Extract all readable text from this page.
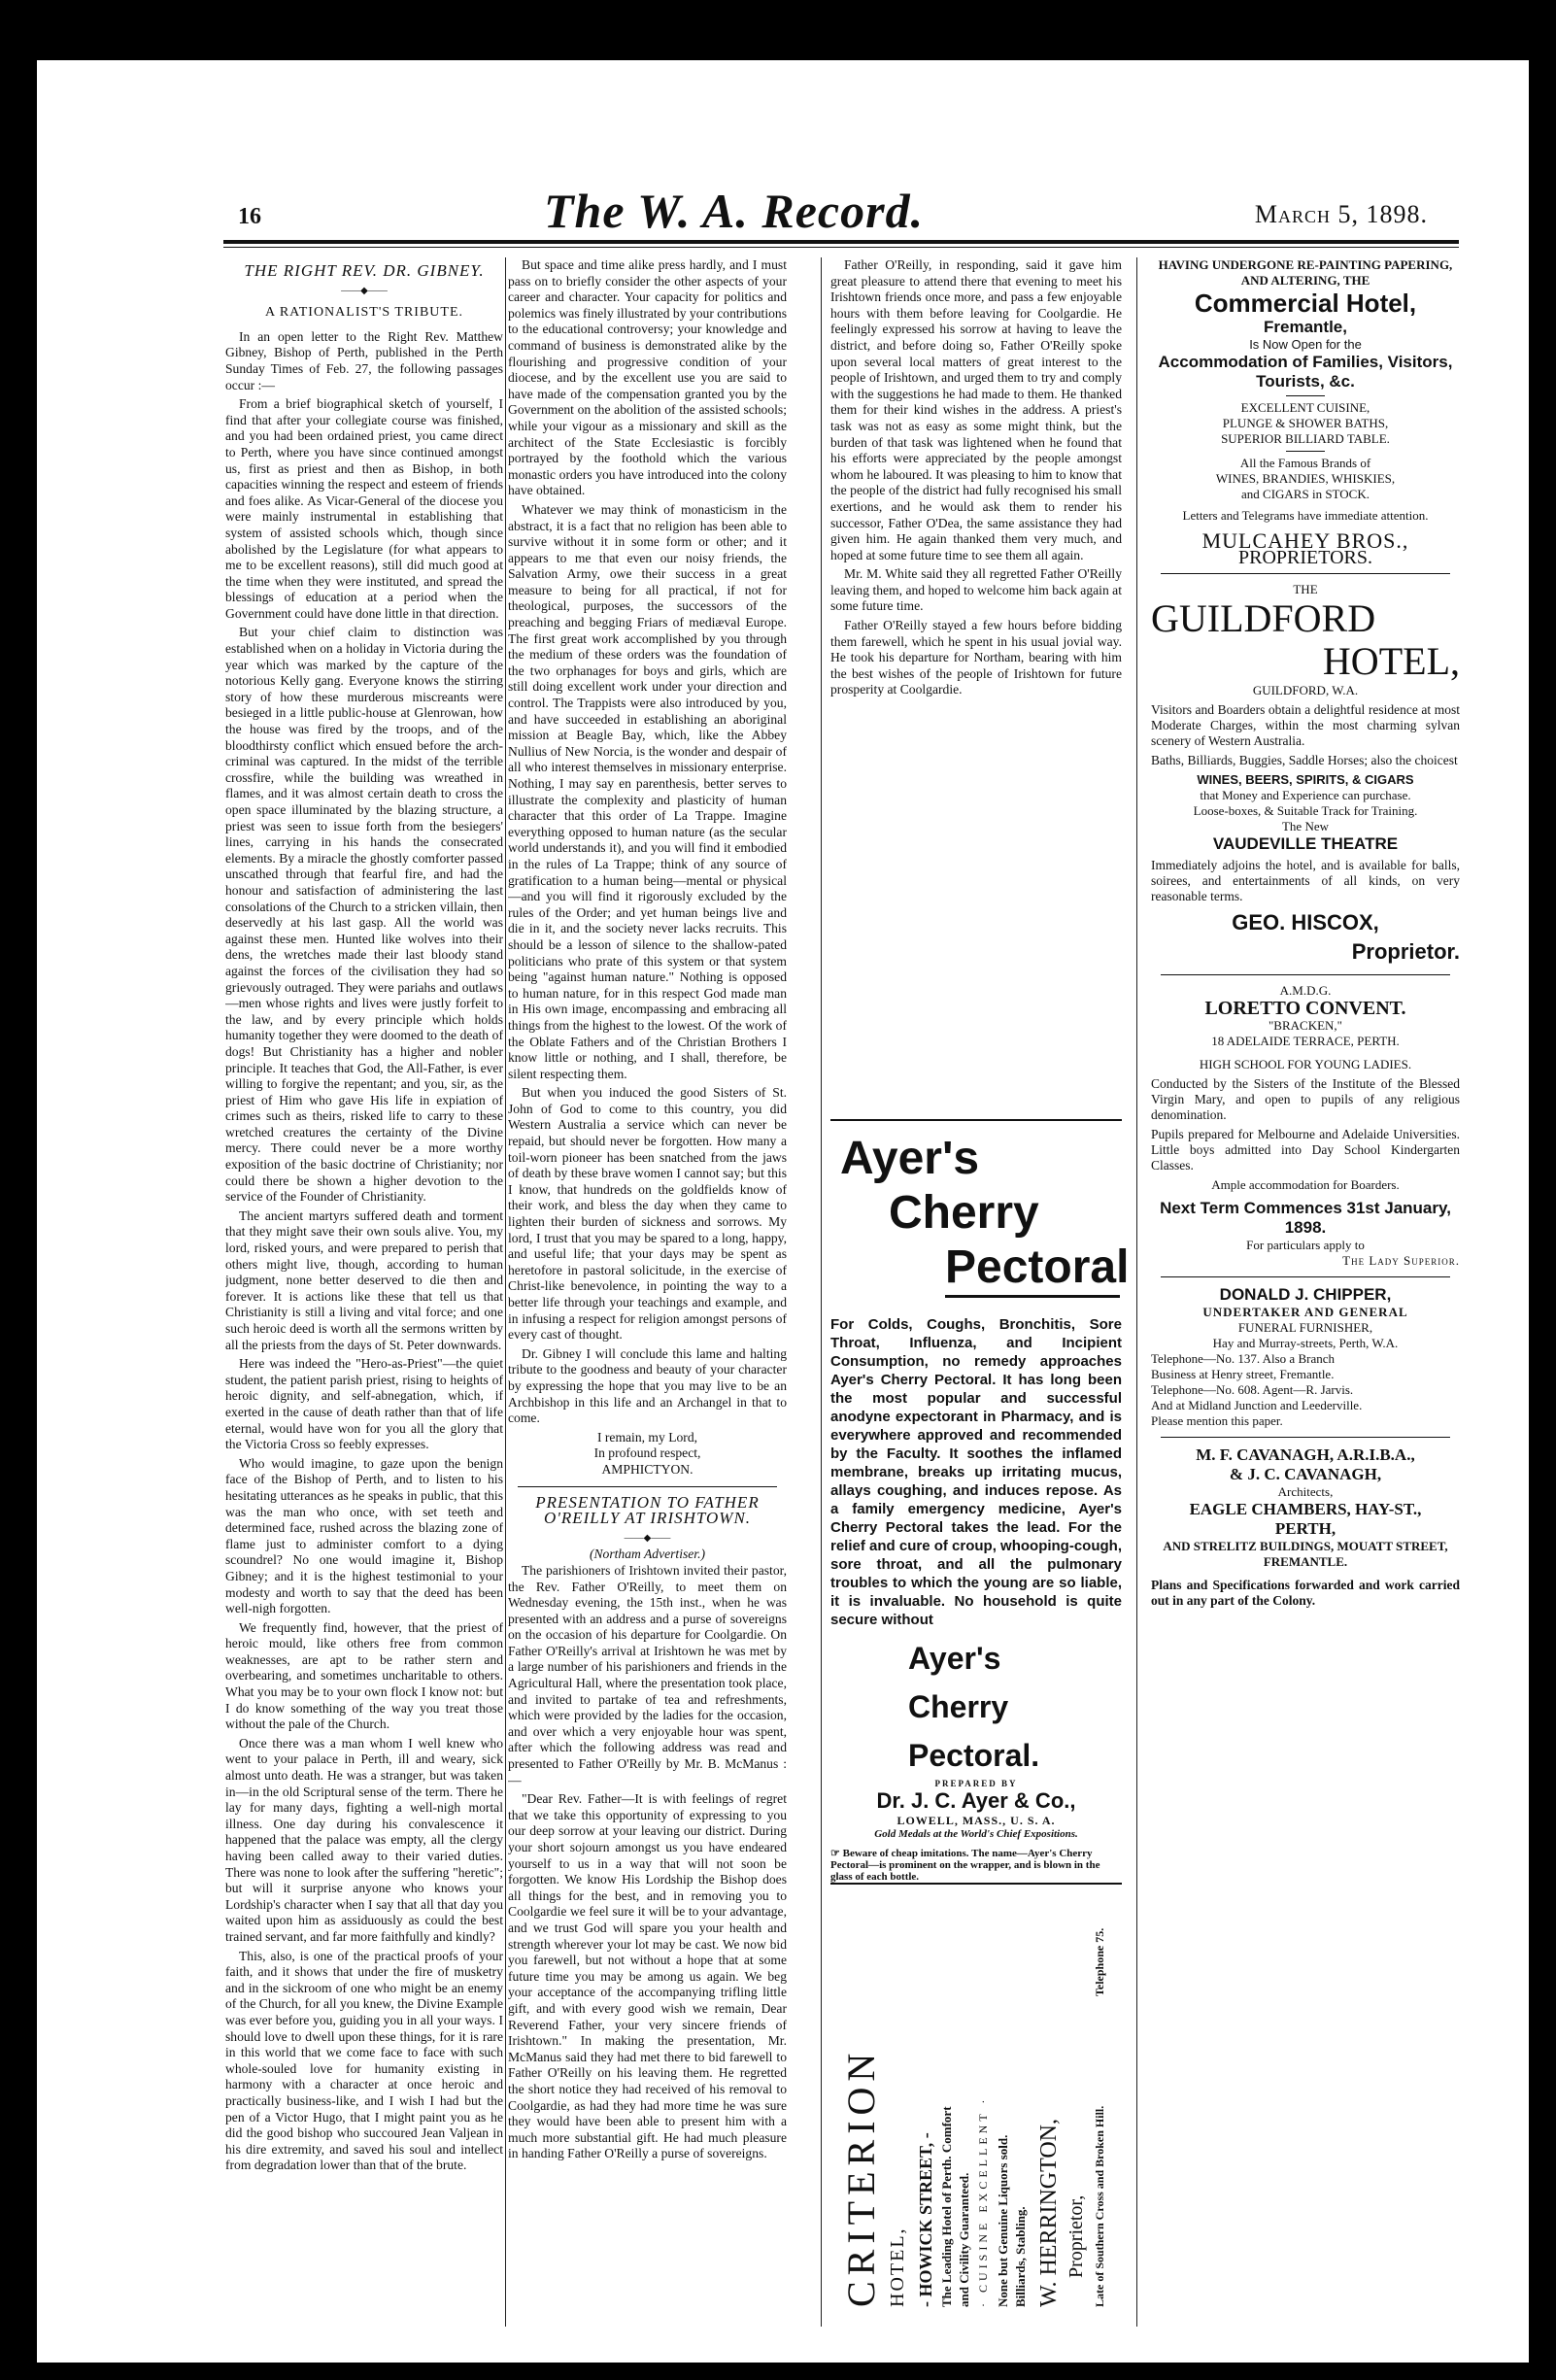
16	The W. A. Record.	March 5, 1898.

THE RIGHT REV. DR. GIBNEY.

——◆——

A RATIONALIST'S TRIBUTE.

In an open letter to the Right Rev. Matthew Gibney, Bishop of Perth, published in the Perth Sunday Times of Feb. 27, the following passages occur :—

From a brief biographical sketch of yourself, I find that after your collegiate course was finished, and you had been ordained priest, you came direct to Perth, where you have since continued amongst us, first as priest and then as Bishop, in both capacities winning the respect and esteem of friends and foes alike. As Vicar-General of the diocese you were mainly instrumental in establishing that system of assisted schools which, though since abolished by the Legislature (for what appears to me to be excellent reasons), still did much good at the time when they were instituted, and spread the blessings of education at a period when the Government could have done little in that direction.

But your chief claim to distinction was established when on a holiday in Victoria during the year which was marked by the capture of the notorious Kelly gang. Everyone knows the stirring story of how these murderous miscreants were besieged in a little public-house at Glenrowan, how the house was fired by the troops, and of the bloodthirsty conflict which ensued before the arch-criminal was captured. In the midst of the terrible crossfire, while the building was wreathed in flames, and it was almost certain death to cross the open space illuminated by the blazing structure, a priest was seen to issue forth from the besiegers' lines, carrying in his hands the consecrated elements. By a miracle the ghostly comforter passed unscathed through that fearful fire, and had the honour and satisfaction of administering the last consolations of the Church to a stricken villain, then deservedly at his last gasp. All the world was against these men. Hunted like wolves into their dens, the wretches made their last bloody stand against the forces of the civilisation they had so grievously outraged. They were pariahs and outlaws—men whose rights and lives were justly forfeit to the law, and by every principle which holds humanity together they were doomed to the death of dogs! But Christianity has a higher and nobler principle. It teaches that God, the All-Father, is ever willing to forgive the repentant; and you, sir, as the priest of Him who gave His life in expiation of crimes such as theirs, risked life to carry to these wretched creatures the certainty of the Divine mercy. There could never be a more worthy exposition of the basic doctrine of Christianity; nor could there be shown a higher devotion to the service of the Founder of Christianity.

The ancient martyrs suffered death and torment that they might save their own souls alive. You, my lord, risked yours, and were prepared to perish that others might live, though, according to human judgment, none better deserved to die then and forever. It is actions like these that tell us that Christianity is still a living and vital force; and one such heroic deed is worth all the sermons written by all the priests from the days of St. Peter downwards.

Here was indeed the "Hero-as-Priest"—the quiet student, the patient parish priest, rising to heights of heroic dignity, and self-abnegation, which, if exerted in the cause of death rather than that of life eternal, would have won for you all the glory that the Victoria Cross so feebly expresses.

Who would imagine, to gaze upon the benign face of the Bishop of Perth, and to listen to his hesitating utterances as he speaks in public, that this was the man who once, with set teeth and determined face, rushed across the blazing zone of flame just to administer comfort to a dying scoundrel? No one would imagine it, Bishop Gibney; and it is the highest testimonial to your modesty and worth to say that the deed has been well-nigh forgotten.

We frequently find, however, that the priest of heroic mould, like others free from common weaknesses, are apt to be rather stern and overbearing, and sometimes uncharitable to others. What you may be to your own flock I know not: but I do know something of the way you treat those without the pale of the Church.

Once there was a man whom I well knew who went to your palace in Perth, ill and weary, sick almost unto death. He was a stranger, but was taken in—in the old Scriptural sense of the term. There he lay for many days, fighting a well-nigh mortal illness. One day during his convalescence it happened that the palace was empty, all the clergy having been called away to their varied duties. There was none to look after the suffering "heretic"; but will it surprise anyone who knows your Lordship's character when I say that all that day you waited upon him as assiduously as could the best trained servant, and far more faithfully and kindly?

This, also, is one of the practical proofs of your faith, and it shows that under the fire of musketry and in the sickroom of one who might be an enemy of the Church, for all you knew, the Divine Example was ever before you, guiding you in all your ways. I should love to dwell upon these things, for it is rare in this world that we come face to face with such whole-souled love for humanity existing in harmony with a character at once heroic and practically business-like, and I wish I had but the pen of a Victor Hugo, that I might paint you as he did the good bishop who succoured Jean Valjean in his dire extremity, and saved his soul and intellect from degradation lower than that of the brute.

But space and time alike press hardly, and I must pass on to briefly consider the other aspects of your career and character. Your capacity for politics and polemics was finely illustrated by your contributions to the educational controversy; your knowledge and command of business is demonstrated alike by the flourishing and progressive condition of your diocese, and by the excellent use you are said to have made of the compensation granted you by the Government on the abolition of the assisted schools; while your vigour as a missionary and skill as the architect of the State Ecclesiastic is forcibly portrayed by the foothold which the various monastic orders you have introduced into the colony have obtained.

Whatever we may think of monasticism in the abstract, it is a fact that no religion has been able to survive without it in some form or other; and it appears to me that even our noisy friends, the Salvation Army, owe their success in a great measure to being for all practical, if not for theological, purposes, the successors of the preaching and begging Friars of mediæval Europe. The first great work accomplished by you through the medium of these orders was the foundation of the two orphanages for boys and girls, which are still doing excellent work under your direction and control. The Trappists were also introduced by you, and have succeeded in establishing an aboriginal mission at Beagle Bay, which, like the Abbey Nullius of New Norcia, is the wonder and despair of all who interest themselves in missionary enterprise. Nothing, I may say en parenthesis, better serves to illustrate the complexity and plasticity of human character that this order of La Trappe. Imagine everything opposed to human nature (as the secular world understands it), and you will find it embodied in the rules of La Trappe; think of any source of gratification to a human being—mental or physical—and you will find it rigorously excluded by the rules of the Order; and yet human beings live and die in it, and the society never lacks recruits. This should be a lesson of silence to the shallow-pated politicians who prate of this system or that system being "against human nature." Nothing is opposed to human nature, for in this respect God made man in His own image, encompassing and embracing all things from the highest to the lowest. Of the work of the Oblate Fathers and of the Christian Brothers I know little or nothing, and I shall, therefore, be silent respecting them.

But when you induced the good Sisters of St. John of God to come to this country, you did Western Australia a service which can never be repaid, but should never be forgotten. How many a toil-worn pioneer has been snatched from the jaws of death by these brave women I cannot say; but this I know, that hundreds on the goldfields know of their work, and bless the day when they came to lighten their burden of sickness and sorrows. My lord, I trust that you may be spared to a long, happy, and useful life; that your days may be spent as heretofore in pastoral solicitude, in the exercise of Christ-like benevolence, in pointing the way to a better life through your teachings and example, and in infusing a respect for religion amongst persons of every cast of thought.

Dr. Gibney I will conclude this lame and halting tribute to the goodness and beauty of your character by expressing the hope that you may live to be an Archbishop in this life and an Archangel in that to come.

I remain, my Lord,

In profound respect,

AMPHICTYON.

PRESENTATION TO FATHER O'REILLY AT IRISHTOWN.

——◆——

(Northam Advertiser.)

The parishioners of Irishtown invited their pastor, the Rev. Father O'Reilly, to meet them on Wednesday evening, the 15th inst., when he was presented with an address and a purse of sovereigns on the occasion of his departure for Coolgardie. On Father O'Reilly's arrival at Irishtown he was met by a large number of his parishioners and friends in the Agricultural Hall, where the presentation took place, and invited to partake of tea and refreshments, which were provided by the ladies for the occasion, and over which a very enjoyable hour was spent, after which the following address was read and presented to Father O'Reilly by Mr. B. McManus :—

"Dear Rev. Father—It is with feelings of regret that we take this opportunity of expressing to you our deep sorrow at your leaving our district. During your short sojourn amongst us you have endeared yourself to us in a way that will not soon be forgotten. We know His Lordship the Bishop does all things for the best, and in removing you to Coolgardie we feel sure it will be to your advantage, and we trust God will spare you your health and strength wherever your lot may be cast. We now bid you farewell, but not without a hope that at some future time you may be among us again. We beg your acceptance of the accompanying trifling little gift, and with every good wish we remain, Dear Reverend Father, your very sincere friends of Irishtown." In making the presentation, Mr. McManus said they had met there to bid farewell to Father O'Reilly on his leaving them. He regretted the short notice they had received of his removal to Coolgardie, as had they had more time he was sure they would have been able to present him with a much more substantial gift. He had much pleasure in handing Father O'Reilly a purse of sovereigns.

Father O'Reilly, in responding, said it gave him great pleasure to attend there that evening to meet his Irishtown friends once more, and pass a few enjoyable hours with them before leaving for Coolgardie. He feelingly expressed his sorrow at having to leave the district, and before doing so, Father O'Reilly spoke upon several local matters of great interest to the people of Irishtown, and urged them to try and comply with the suggestions he had made to them. He thanked them for their kind wishes in the address. A priest's task was not as easy as some might think, but the burden of that task was lightened when he found that his efforts were appreciated by the people amongst whom he laboured. It was pleasing to him to know that the people of the district had fully recognised his small exertions, and he would ask them to render his successor, Father O'Dea, the same assistance they had given him. He again thanked them very much, and hoped at some future time to see them all again.

Mr. M. White said they all regretted Father O'Reilly leaving them, and hoped to welcome him back again at some future time.

Father O'Reilly stayed a few hours before bidding them farewell, which he spent in his usual jovial way. He took his departure for Northam, bearing with him the best wishes of the people of Irishtown for future prosperity at Coolgardie.

Ayer's
Cherry
Pectoral
For Colds, Coughs, Bronchitis, Sore Throat, Influenza, and Incipient Consumption, no remedy approaches Ayer's Cherry Pectoral. It has long been the most popular and successful anodyne expectorant in Pharmacy, and is everywhere approved and recommended by the Faculty. It soothes the inflamed membrane, breaks up irritating mucus, allays coughing, and induces repose. As a family emergency medicine, Ayer's Cherry Pectoral takes the lead. For the relief and cure of croup, whooping-cough, sore throat, and all the pulmonary troubles to which the young are so liable, it is invaluable. No household is quite secure without
Ayer's
Cherry
Pectoral.
PREPARED BY
Dr. J. C. Ayer & Co.,
LOWELL, MASS., U. S. A.
Gold Medals at the World's Chief Expositions.
☞ Beware of cheap imitations. The name—Ayer's Cherry Pectoral—is prominent on the wrapper, and is blown in the glass of each bottle.
CRITERION HOTEL, - HOWICK STREET, - The Leading Hotel of Perth. Comfort and Civility Guaranteed. · CUISINE EXCELLENT · None but Genuine Liquors sold. Billiards, Stabling. W. HERRINGTON, Proprietor, Late of Southern Cross and Broken Hill.
Telephone 75.
HAVING UNDERGONE RE-PAINTING PAPERING, AND ALTERING, THE
Commercial Hotel,
Fremantle,
Is Now Open for the
Accommodation of Families, Visitors, Tourists, &c.
EXCELLENT CUISINE,
PLUNGE & SHOWER BATHS,
SUPERIOR BILLIARD TABLE.
All the Famous Brands of
WINES, BRANDIES, WHISKIES,
and CIGARS in STOCK.
Letters and Telegrams have immediate attention.
MULCAHEY BROS.,
PROPRIETORS.
THE
GUILDFORD
HOTEL,
GUILDFORD, W.A.
Visitors and Boarders obtain a delightful residence at most Moderate Charges, within the most charming sylvan scenery of Western Australia.
Baths, Billiards, Buggies, Saddle Horses; also the choicest
WINES, BEERS, SPIRITS, & CIGARS
that Money and Experience can purchase.
Loose-boxes, & Suitable Track for Training.
The New
VAUDEVILLE THEATRE
Immediately adjoins the hotel, and is available for balls, soirees, and entertainments of all kinds, on very reasonable terms.
GEO. HISCOX,
Proprietor.
A.M.D.G.
LORETTO CONVENT.
"BRACKEN,"
18 ADELAIDE TERRACE, PERTH.
HIGH SCHOOL FOR YOUNG LADIES.
Conducted by the Sisters of the Institute of the Blessed Virgin Mary, and open to pupils of any religious denomination.
Pupils prepared for Melbourne and Adelaide Universities. Little boys admitted into Day School Kindergarten Classes.
Ample accommodation for Boarders.
Next Term Commences 31st January, 1898.
For particulars apply to
The Lady Superior.
DONALD J. CHIPPER,
UNDERTAKER AND GENERAL
FUNERAL FURNISHER,
Hay and Murray-streets, Perth, W.A.
Telephone—No. 137. Also a Branch
Business at Henry street, Fremantle.
Telephone—No. 608. Agent—R. Jarvis.
And at Midland Junction and Leederville.
Please mention this paper.
M. F. CAVANAGH, A.R.I.B.A.,
& J. C. CAVANAGH,
Architects,
EAGLE CHAMBERS, HAY-ST.,
PERTH,
AND STRELITZ BUILDINGS, MOUATT STREET, FREMANTLE.
Plans and Specifications forwarded and work carried out in any part of the Colony.
